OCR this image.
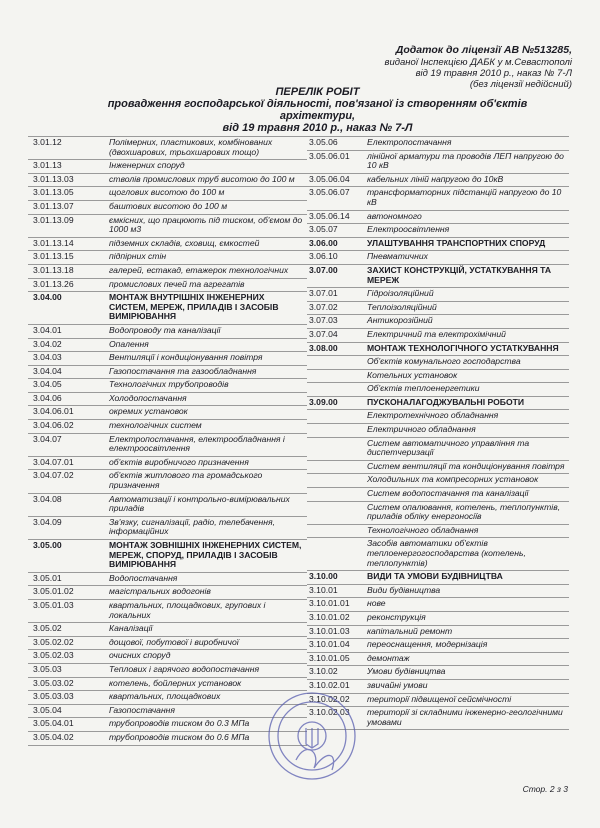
Додаток до ліцензії АВ №513285,
виданої Інспекцією ДАБК у м.Севастополі
від 19 травня 2010 р., наказ № 7-Л
(без ліцензії недійсний)
ПЕРЕЛІК РОБІТ
провадження господарської діяльності, пов'язаної із створенням об'єктів архітектури,
від 19 травня 2010 р., наказ № 7-Л
3.01.12	Полімерних, пластикових, комбінованих (двохшарових, трьохшарових тощо)
3.01.13	Інженерних споруд
3.01.13.03	стволів промислових труб висотою до 100 м
3.01.13.05	щоглових висотою до 100 м
3.01.13.07	баштових висотою до 100 м
3.01.13.09	ємкісних, що працюють під тиском, об'ємом до 1000 м3
3.01.13.14	підземних складів, сховищ, ємкостей
3.01.13.15	підпірних стін
3.01.13.18	галерей, естакад, етажерок технологічних
3.01.13.26	промислових печей та агрегатів
3.04.00	МОНТАЖ ВНУТРІШНІХ ІНЖЕНЕРНИХ СИСТЕМ, МЕРЕЖ, ПРИЛАДІВ І ЗАСОБІВ ВИМІРЮВАННЯ
3.04.01	Водопроводу та каналізації
3.04.02	Опалення
3.04.03	Вентиляції і кондиціонування повітря
3.04.04	Газопостачання та газообладнання
3.04.05	Технологічних трубопроводів
3.04.06	Холодопостачання
3.04.06.01	окремих установок
3.04.06.02	технологічних систем
3.04.07	Електропостачання, електрообладнання і електроосвітлення
3.04.07.01	об'єктів виробничого призначення
3.04.07.02	об'єктів житлового та громадського призначення
3.04.08	Автоматизації і контрольно-вимірювальних приладів
3.04.09	Зв'язку, сигналізації, радіо, телебачення, інформаційних
3.05.00	МОНТАЖ ЗОВНІШНІХ ІНЖЕНЕРНИХ СИСТЕМ, МЕРЕЖ, СПОРУД, ПРИЛАДІВ І ЗАСОБІВ ВИМІРЮВАННЯ
3.05.01	Водопостачання
3.05.01.02	магістральних водогонів
3.05.01.03	квартальних, площадкових, групових і локальних
3.05.02	Каналізації
3.05.02.02	дощової, побутової і виробничої
3.05.02.03	очисних споруд
3.05.03	Теплових і гарячого водопостачання
3.05.03.02	котелень, бойлерних установок
3.05.03.03	квартальних, площадкових
3.05.04	Газопостачання
3.05.04.01	трубопроводів тиском до 0.3 МПа
3.05.04.02	трубопроводів тиском до 0.6 МПа
3.05.06	Електропостачання
3.05.06.01	лінійної арматури та проводів ЛЕП напругою до 10 кВ
3.05.06.04	кабельних ліній напругою до 10кВ
3.05.06.07	трансформаторних підстанцій напругою до 10 кВ
3.05.06.14	автономного
3.05.07	Електроосвітлення
3.06.00	УЛАШТУВАННЯ ТРАНСПОРТНИХ СПОРУД
3.06.10	Пневматичних
3.07.00	ЗАХИСТ КОНСТРУКЦІЙ, УСТАТКУВАННЯ ТА МЕРЕЖ
3.07.01	Гідроізоляційний
3.07.02	Теплоізоляційний
3.07.03	Антикорозійний
3.07.04	Електричний та електрохімічний
3.08.00	МОНТАЖ ТЕХНОЛОГІЧНОГО УСТАТКУВАННЯ
Об'єктів комунального господарства
Котельних установок
Об'єктів теплоенергетики
3.09.00	ПУСКОНАЛАГОДЖУВАЛЬНІ РОБОТИ
Електротехнічного обладнання
Електричного обладнання
Систем автоматичного управління та диспетчеризації
Систем вентиляції та кондиціонування повітря
Холодильних та компресорних установок
Систем водопостачання та каналізації
Систем опалювання, котелень, теплопунктів, приладів обліку енергоносіїв
Технологічного обладнання
Засобів автоматики об'єктів теплоенергогосподарства (котелень, теплопунктів)
3.10.00	ВИДИ ТА УМОВИ БУДІВНИЦТВА
3.10.01	Види будівництва
3.10.01.01	нове
3.10.01.02	реконструкція
3.10.01.03	капітальний ремонт
3.10.01.04	переоснащення, модернізація
3.10.01.05	демонтаж
3.10.02	Умови будівництва
3.10.02.01	звичайні умови
3.10.02.02	території підвищеної сейсмічності
3.10.02.03	території зі складними інженерно-геологічними умовами
Стор. 2 з 3
